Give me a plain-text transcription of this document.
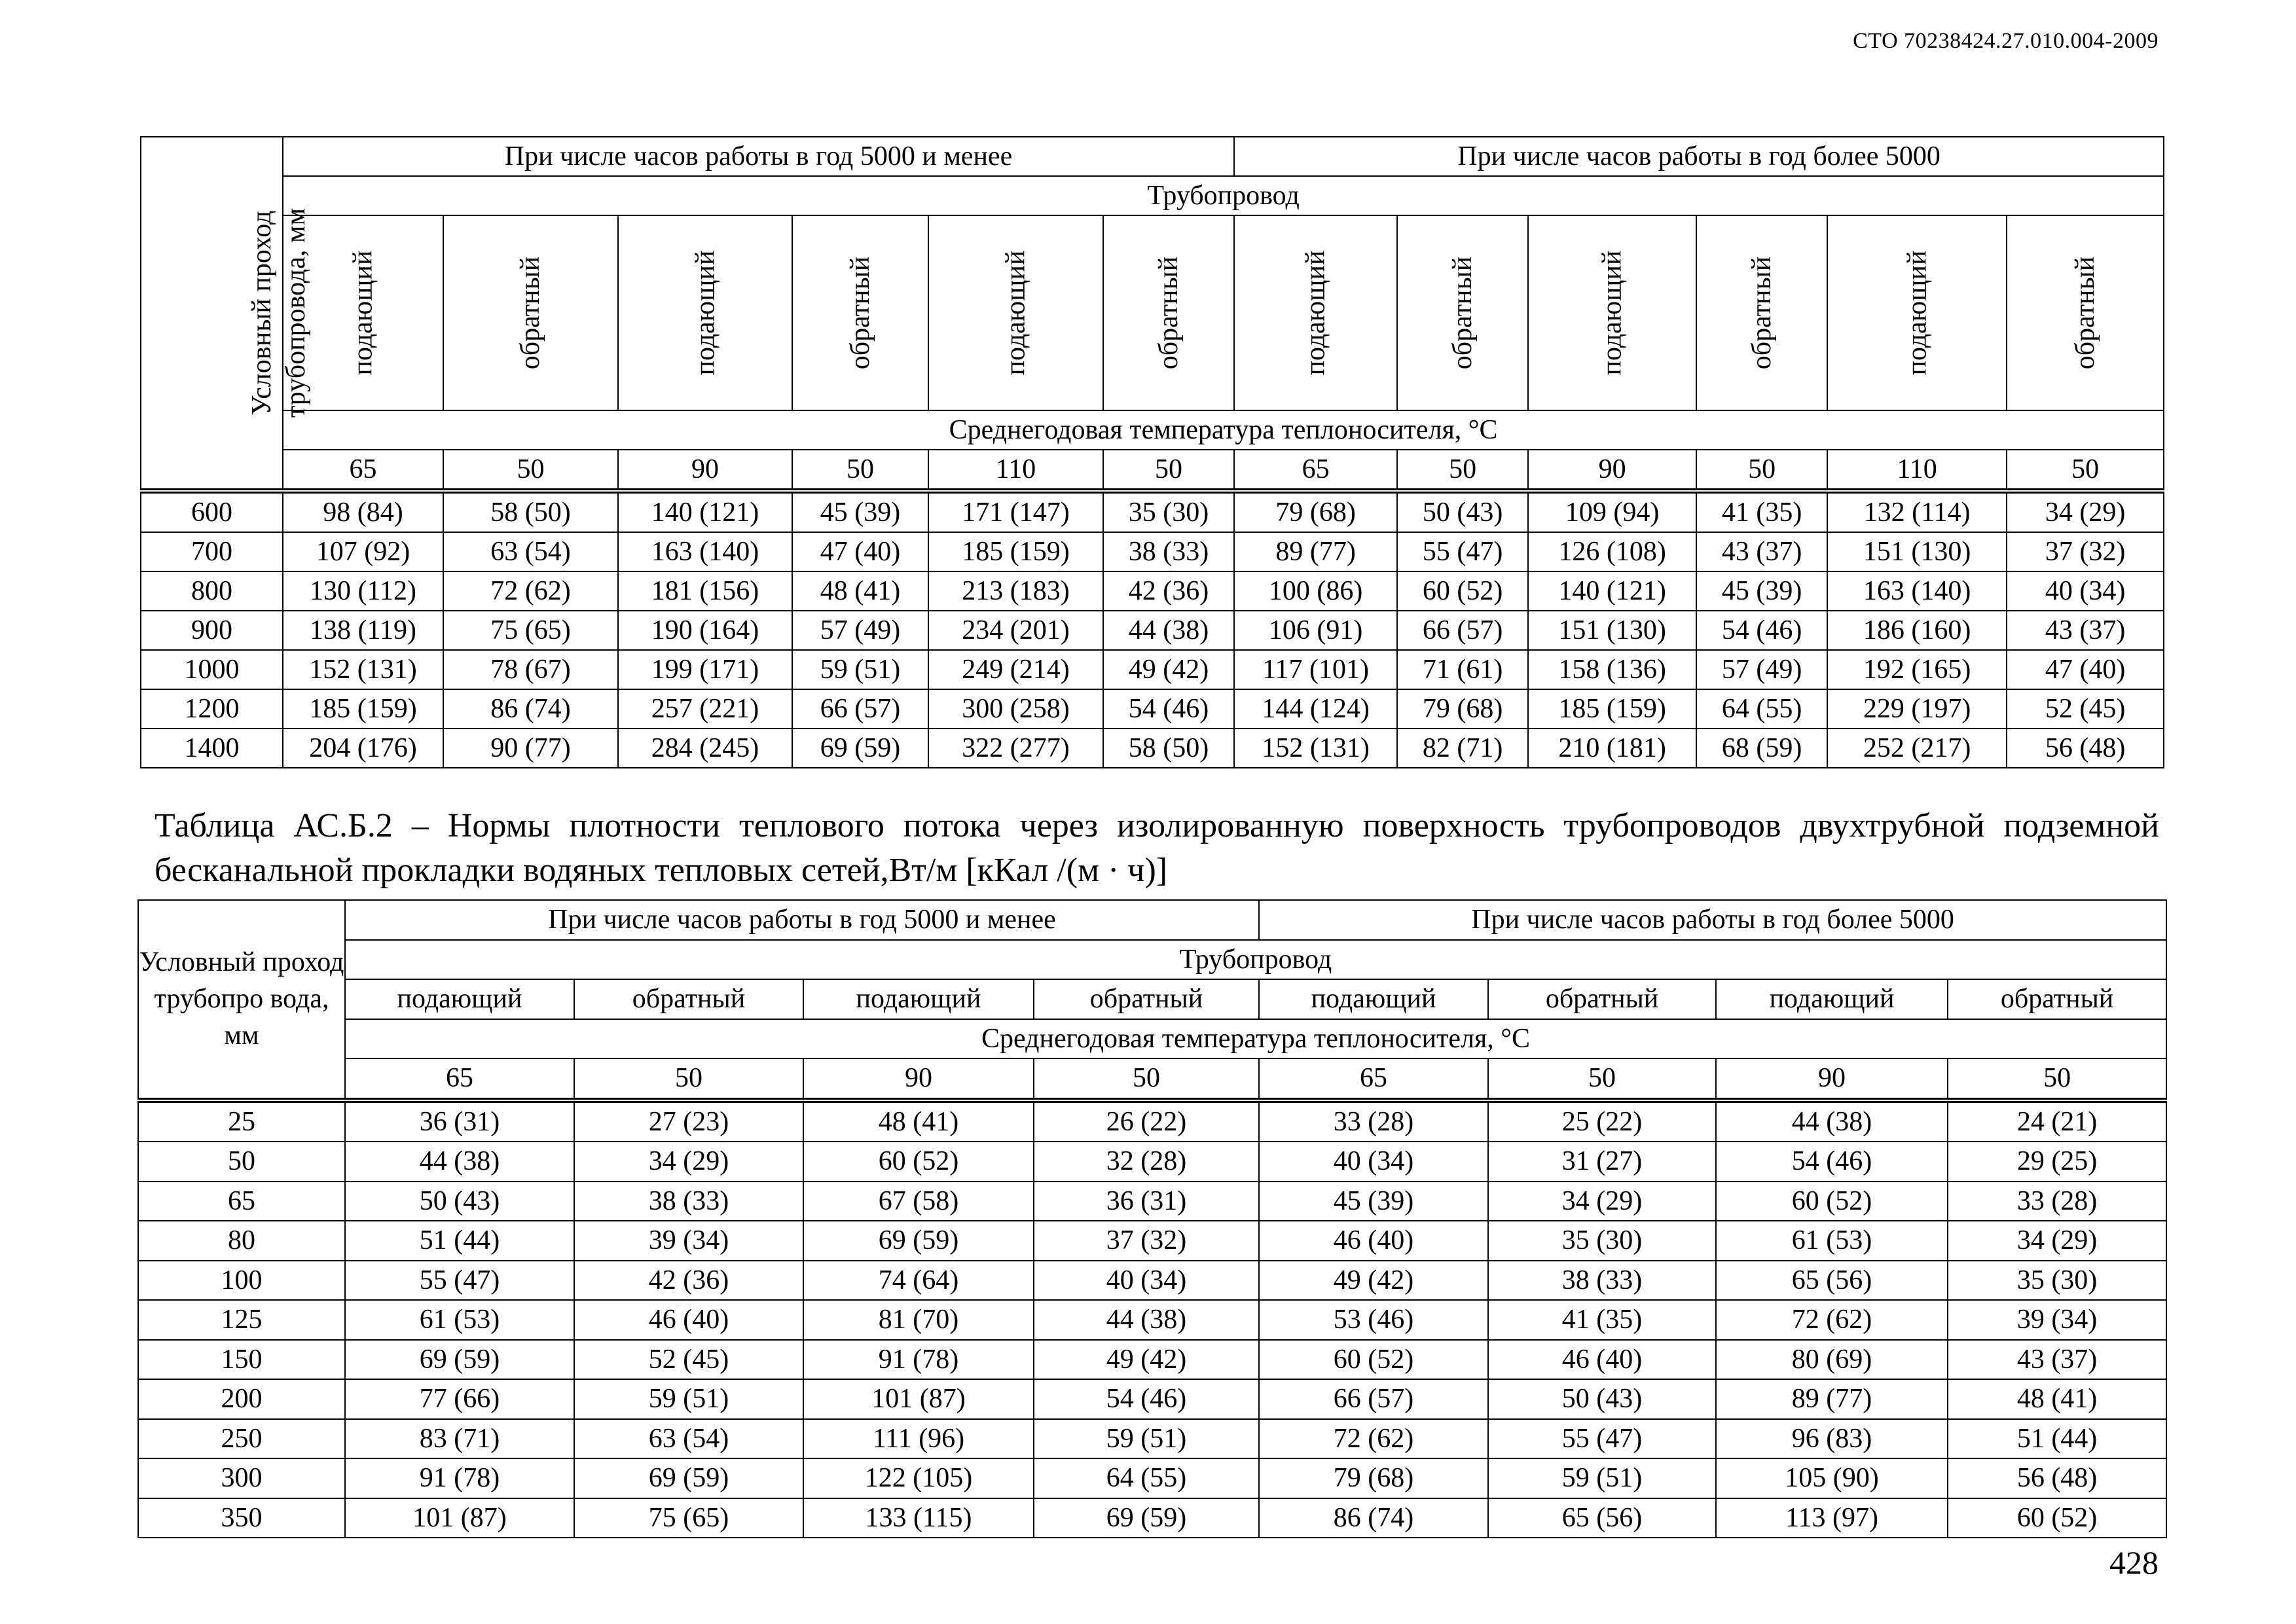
СТО 70238424.27.010.004-2009
Условный проход трубопровода, мм	При числе часов работы в год 5000 и менее						При числе часов работы в год более 5000					
	Трубопровод											
	подающий	обратный	подающий	обратный	подающий	обратный	подающий	обратный	подающий	обратный	подающий	обратный
	Среднегодовая температура теплоносителя, °С											
	65	50	90	50	110	50	65	50	90	50	110	50
600	98 (84)	58 (50)	140 (121)	45 (39)	171 (147)	35 (30)	79 (68)	50 (43)	109 (94)	41 (35)	132 (114)	34 (29)
700	107 (92)	63 (54)	163 (140)	47 (40)	185 (159)	38 (33)	89 (77)	55 (47)	126 (108)	43 (37)	151 (130)	37 (32)
800	130 (112)	72 (62)	181 (156)	48 (41)	213 (183)	42 (36)	100 (86)	60 (52)	140 (121)	45 (39)	163 (140)	40 (34)
900	138 (119)	75 (65)	190 (164)	57 (49)	234 (201)	44 (38)	106 (91)	66 (57)	151 (130)	54 (46)	186 (160)	43 (37)
1000	152 (131)	78 (67)	199 (171)	59 (51)	249 (214)	49 (42)	117 (101)	71 (61)	158 (136)	57 (49)	192 (165)	47 (40)
1200	185 (159)	86 (74)	257 (221)	66 (57)	300 (258)	54 (46)	144 (124)	79 (68)	185 (159)	64 (55)	229 (197)	52 (45)
1400	204 (176)	90 (77)	284 (245)	69 (59)	322 (277)	58 (50)	152 (131)	82 (71)	210 (181)	68 (59)	252 (217)	56 (48)
Таблица АС.Б.2 – Нормы плотности теплового потока через изолированную поверхность трубопроводов двухтрубной подземной бесканальной прокладки водяных тепловых сетей,Вт/м [кКал /(м · ч)]
Условный проход трубопро вода, мм	При числе часов работы в год 5000 и менее				При числе часов работы в год более 5000			
	Трубопровод							
	подающий	обратный	подающий	обратный	подающий	обратный	подающий	обратный
	Среднегодовая температура теплоносителя, °С							
	65	50	90	50	65	50	90	50
25	36 (31)	27 (23)	48 (41)	26 (22)	33 (28)	25 (22)	44 (38)	24 (21)
50	44 (38)	34 (29)	60 (52)	32 (28)	40 (34)	31 (27)	54 (46)	29 (25)
65	50 (43)	38 (33)	67 (58)	36 (31)	45 (39)	34 (29)	60 (52)	33 (28)
80	51 (44)	39 (34)	69 (59)	37 (32)	46 (40)	35 (30)	61 (53)	34 (29)
100	55 (47)	42 (36)	74 (64)	40 (34)	49 (42)	38 (33)	65 (56)	35 (30)
125	61 (53)	46 (40)	81 (70)	44 (38)	53 (46)	41 (35)	72 (62)	39 (34)
150	69 (59)	52 (45)	91 (78)	49 (42)	60 (52)	46 (40)	80 (69)	43 (37)
200	77 (66)	59 (51)	101 (87)	54 (46)	66 (57)	50 (43)	89 (77)	48 (41)
250	83 (71)	63 (54)	111 (96)	59 (51)	72 (62)	55 (47)	96 (83)	51 (44)
300	91 (78)	69 (59)	122 (105)	64 (55)	79 (68)	59 (51)	105 (90)	56 (48)
350	101 (87)	75 (65)	133 (115)	69 (59)	86 (74)	65 (56)	113 (97)	60 (52)
428
